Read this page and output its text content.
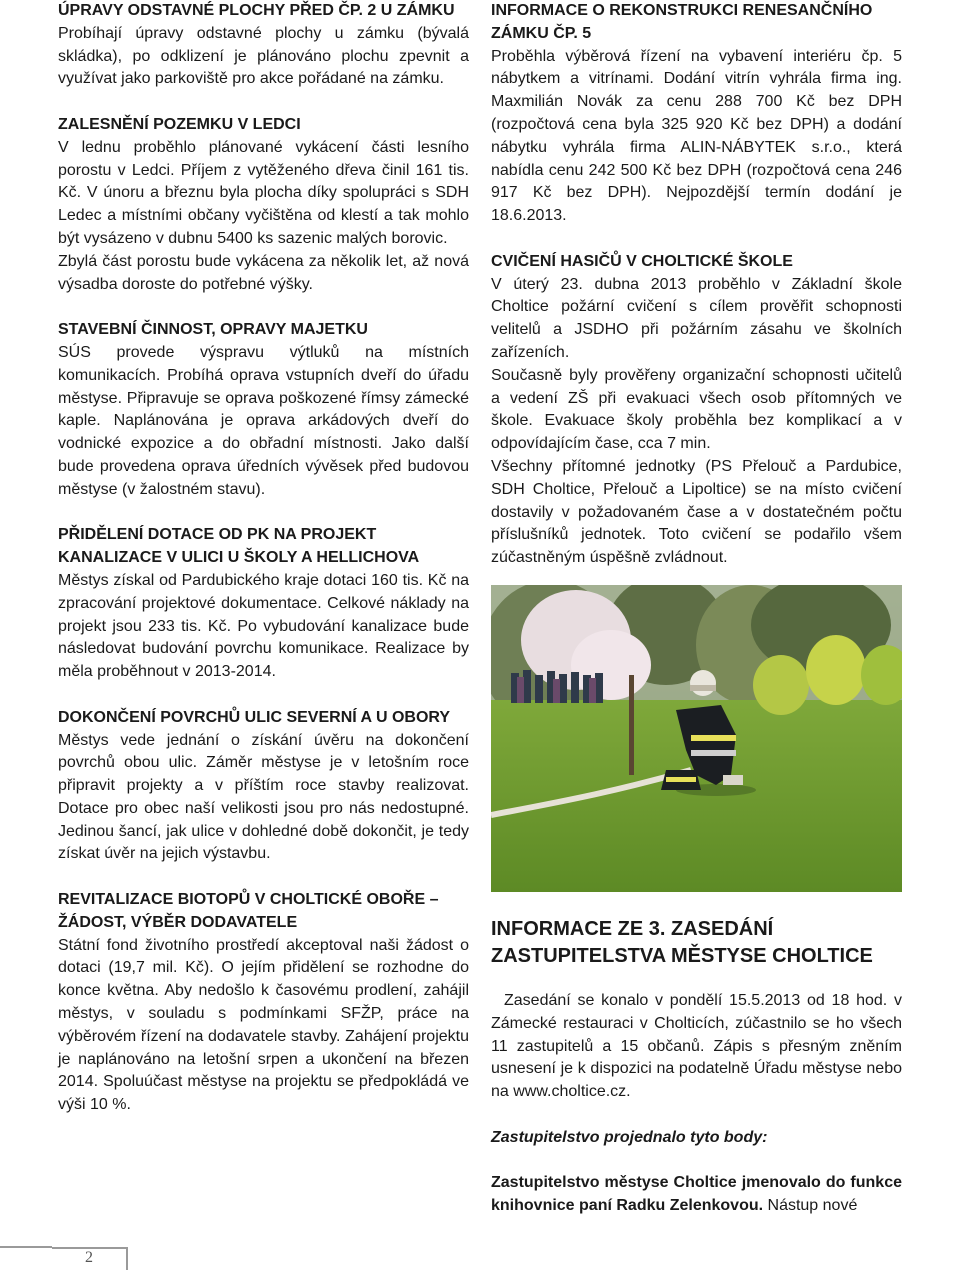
ÚPRAVY ODSTAVNÉ PLOCHY PŘED ČP. 2 U ZÁMKU

Probíhají úpravy odstavné plochy u zámku (bývalá skládka), po odklizení je plánováno plochu zpevnit a využívat jako parkoviště pro akce pořádané na zámku.

ZALESNĚNÍ POZEMKU V LEDCI

V lednu proběhlo plánované vykácení části lesního porostu v Ledci. Příjem z vytěženého dřeva činil 161 tis. Kč. V únoru a březnu byla plocha díky spolupráci s SDH Ledec a místními občany vyčištěna od klestí a tak mohlo být vysázeno v dubnu 5400 ks sazenic malých borovic.

Zbylá část porostu bude vykácena za několik let, až nová výsadba doroste do potřebné výšky.

STAVEBNÍ ČINNOST, OPRAVY MAJETKU

SÚS provede výspravu výtluků na místních komunikacích. Probíhá oprava vstupních dveří do úřadu městyse. Připravuje se oprava poškozené římsy zámecké kaple. Naplánována je oprava arkádových dveří do vodnické expozice a do obřadní místnosti. Jako další bude provedena oprava úředních vývěsek před budovou městyse (v žalostném stavu).

PŘIDĚLENÍ DOTACE OD PK NA PROJEKT KANALIZACE V ULICI U ŠKOLY A HELLICHOVA

Městys získal od Pardubického kraje dotaci 160 tis. Kč na zpracování projektové dokumentace. Celkové náklady na projekt jsou 233 tis. Kč. Po vybudování kanalizace bude následovat budování povrchu komunikace. Realizace by měla proběhnout v 2013-2014.

DOKONČENÍ POVRCHŮ ULIC SEVERNÍ A U OBORY

Městys vede jednání o získání úvěru na dokončení povrchů obou ulic. Záměr městyse je v letošním roce připravit projekty a v příštím roce stavby realizovat. Dotace pro obec naší velikosti jsou pro nás nedostupné. Jedinou šancí, jak ulice v dohledné době dokončit, je tedy získat úvěr na jejich výstavbu.

REVITALIZACE BIOTOPŮ V CHOLTICKÉ OBOŘE – ŽÁDOST, VÝBĚR DODAVATELE

Státní fond životního prostředí akceptoval naši žádost o dotaci (19,7 mil. Kč). O jejím přidělení se rozhodne do konce května. Aby nedošlo k časovému prodlení, zahájil městys, v souladu s podmínkami SFŽP, práce na výběrovém řízení na dodavatele stavby. Zahájení projektu je naplánováno na letošní srpen a ukončení na březen 2014. Spoluúčast městyse na projektu se předpokládá ve výši 10 %.

INFORMACE O REKONSTRUKCI RENESANČNÍHO ZÁMKU ČP. 5

Proběhla výběrová řízení na vybavení interiéru čp. 5 nábytkem a vitrínami. Dodání vitrín vyhrála firma ing. Maxmilián Novák za cenu 288 700 Kč bez DPH (rozpočtová cena byla 325 920 Kč bez DPH) a dodání nábytku vyhrála firma ALIN-NÁBYTEK s.r.o., která nabídla cenu 242 500 Kč bez DPH (rozpočtová cena 246 917 Kč bez DPH). Nejpozdější termín dodání je 18.6.2013.

CVIČENÍ HASIČŮ V CHOLTICKÉ ŠKOLE

V úterý 23. dubna 2013 proběhlo v Základní škole Choltice požární cvičení s cílem prověřit schopnosti velitelů a JSDHO při požárním zásahu ve školních zařízeních.

Současně byly prověřeny organizační schopnosti učitelů a vedení ZŠ při evakuaci všech osob přítomných ve škole. Evakuace školy proběhla bez komplikací a v odpovídajícím čase, cca 7 min.

Všechny přítomné jednotky (PS Přelouč a Pardubice, SDH Choltice, Přelouč a Lipoltice) se na místo cvičení dostavily v požadovaném čase a v dostatečném počtu příslušníků jednotek. Toto cvičení se podařilo všem zúčastněným úspěšně zvládnout.

INFORMACE ZE 3. ZASEDÁNÍ ZASTUPITELSTVA MĚSTYSE CHOLTICE

Zasedání se konalo v pondělí 15.5.2013 od 18 hod. v Zámecké restauraci v Cholticích, zúčastnilo se ho všech 11 zastupitelů a 15 občanů. Zápis s přesným zněním usnesení je k dispozici na podatelně Úřadu městyse nebo na www.choltice.cz.

Zastupitelstvo projednalo tyto body:

Zastupitelstvo městyse Choltice jmenovalo do funkce knihovnice paní Radku Zelenkovou. Nástup nové

2
